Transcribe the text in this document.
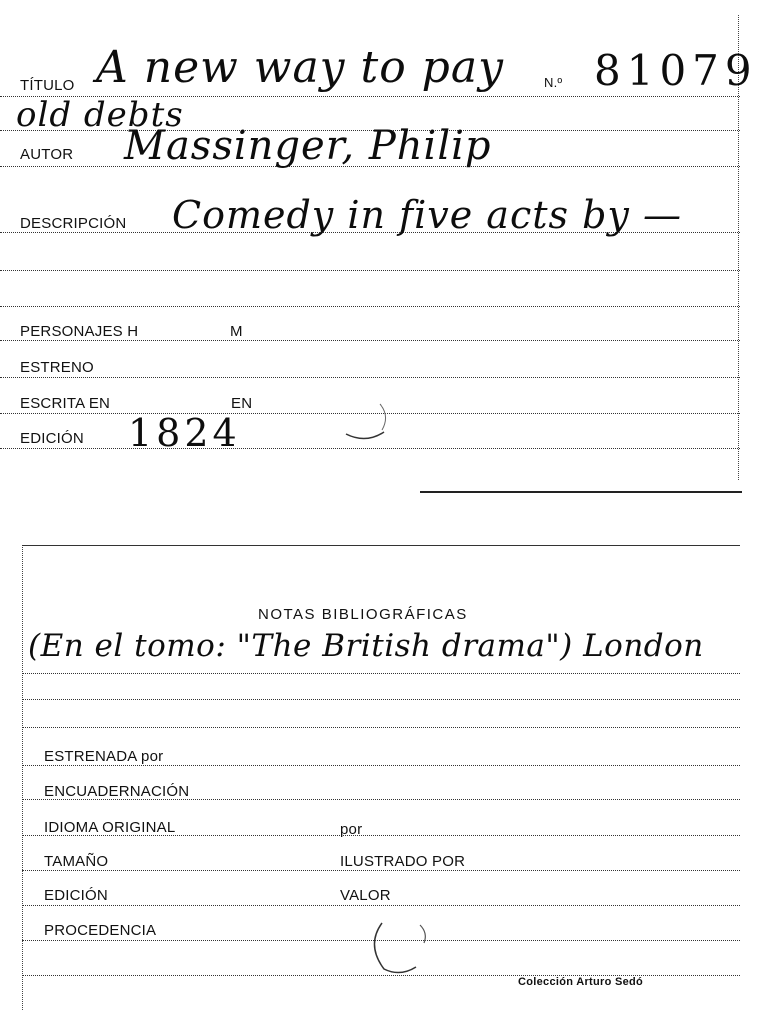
TÍTULO A new way to pay	N.º 81079
old debts
AUTOR Massinger, Philip
DESCRIPCIÓN Comedy in five acts by —
PERSONAJES H	M
ESTRENO
ESCRITA EN	EN
EDICIÓN 1824
NOTAS BIBLIOGRÁFICAS
(En el tomo: "The British drama") London
ESTRENADA por
ENCUADERNACIÓN
IDIOMA ORIGINAL	por
TAMAÑO	ILUSTRADO POR
EDICIÓN	VALOR
PROCEDENCIA
Colección Arturo Sedó
